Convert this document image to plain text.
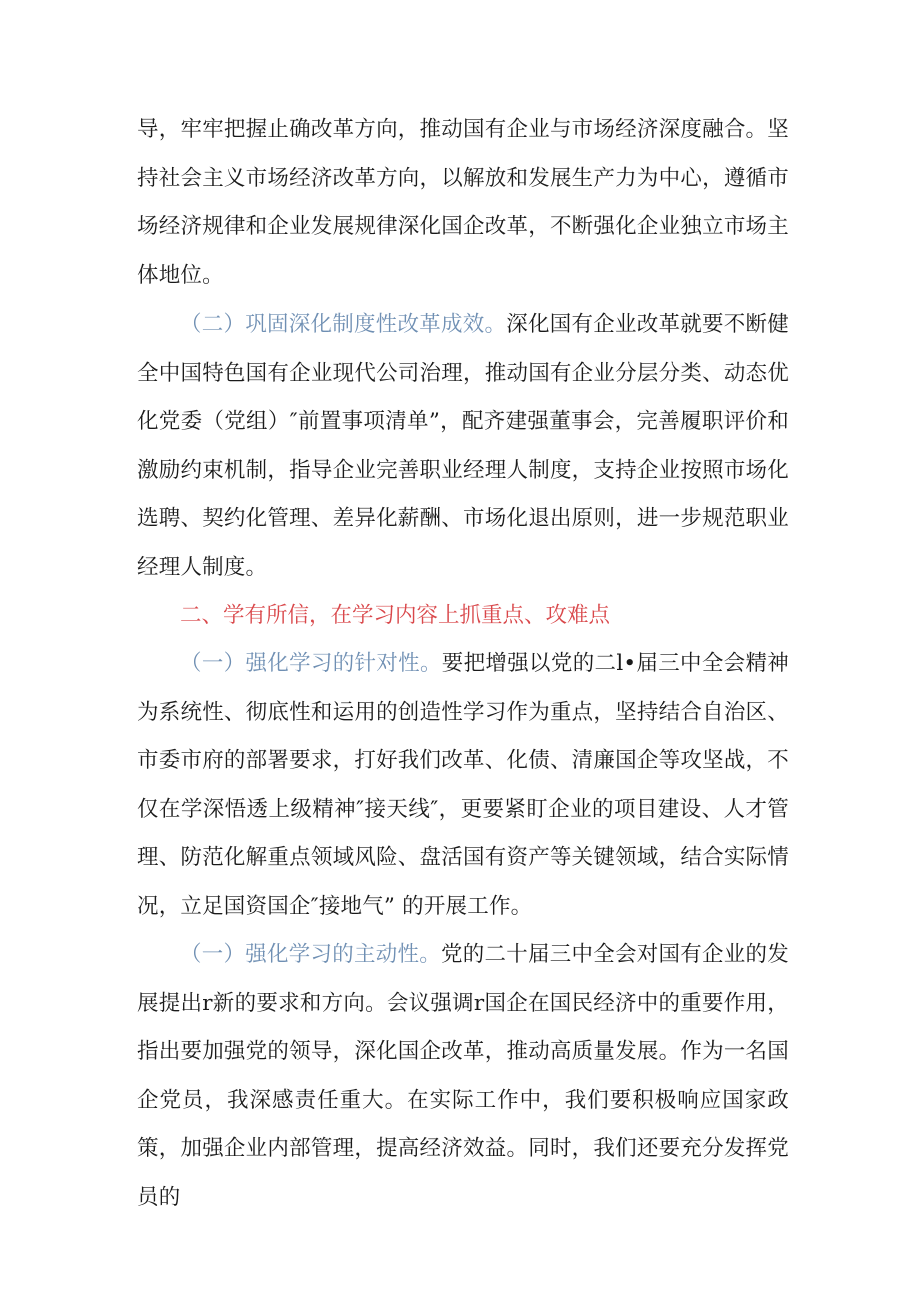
导，牢牢把握止确改革方向，推动国有企业与市场经济深度融合。坚持社会主义市场经济改革方向，以解放和发展生产力为中心，遵循市场经济规律和企业发展规律深化国企改革，不断强化企业独立市场主体地位。

（二）巩固深化制度性改革成效。深化国有企业改革就要不断健全中国特色国有企业现代公司治理，推动国有企业分层分类、动态优化党委（党组）″前置事项清单”，配齐建强董事会，完善履职评价和激励约束机制，指导企业完善职业经理人制度，支持企业按照市场化选聘、契约化管理、差异化薪酬、市场化退出原则，进一步规范职业经理人制度。

二、学有所信，在学习内容上抓重点、攻难点

（一）强化学习的针对性。要把增强以党的二l•届三中全会精神为系统性、彻底性和运用的创造性学习作为重点，坚持结合自治区、市委市府的部署要求，打好我们改革、化债、清廉国企等攻坚战，不仅在学深悟透上级精神″接天线″，更要紧盯企业的项目建设、人才管理、防范化解重点领域风险、盘活国有资产等关键领域，结合实际情况，立足国资国企″接地气” 的开展工作。

（一）强化学习的主动性。党的二十届三中全会对国有企业的发展提出r新的要求和方向。会议强调r国企在国民经济中的重要作用，指出要加强党的领导，深化国企改革，推动高质量发展。作为一名国企党员，我深感责任重大。在实际工作中，我们要积极响应国家政策，加强企业内部管理，提高经济效益。同时，我们还要充分发挥党员的
